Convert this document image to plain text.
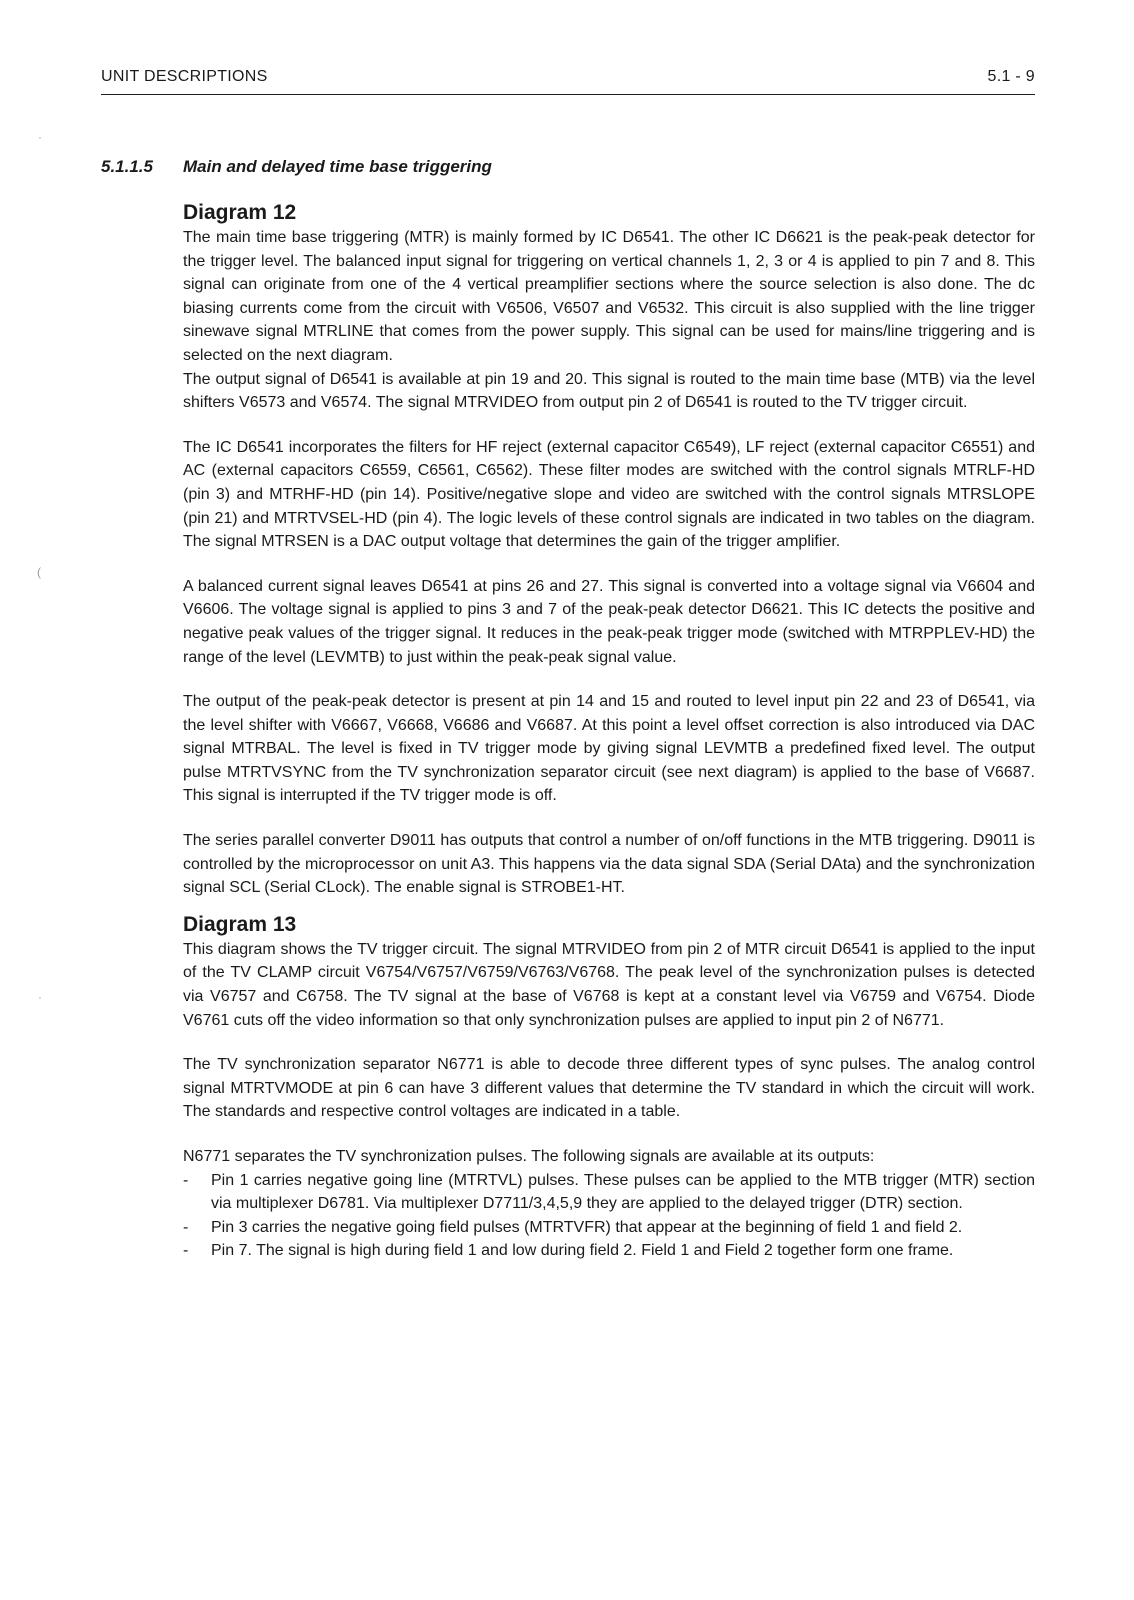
UNIT DESCRIPTIONS	5.1 - 9
·
(
·
5.1.1.5 Main and delayed time base triggering
Diagram 12

The main time base triggering (MTR) is mainly formed by IC D6541. The other IC D6621 is the peak-peak detector for the trigger level. The balanced input signal for triggering on vertical channels 1, 2, 3 or 4 is applied to pin 7 and 8. This signal can originate from one of the 4 vertical preamplifier sections where the source selection is also done. The dc biasing currents come from the circuit with V6506, V6507 and V6532. This circuit is also supplied with the line trigger sinewave signal MTRLINE that comes from the power supply. This signal can be used for mains/line triggering and is selected on the next diagram.

The output signal of D6541 is available at pin 19 and 20. This signal is routed to the main time base (MTB) via the level shifters V6573 and V6574. The signal MTRVIDEO from output pin 2 of D6541 is routed to the TV trigger circuit.

The IC D6541 incorporates the filters for HF reject (external capacitor C6549), LF reject (external capacitor C6551) and AC (external capacitors C6559, C6561, C6562). These filter modes are switched with the control signals MTRLF-HD (pin 3) and MTRHF-HD (pin 14). Positive/negative slope and video are switched with the control signals MTRSLOPE (pin 21) and MTRTVSEL-HD (pin 4). The logic levels of these control signals are indicated in two tables on the diagram. The signal MTRSEN is a DAC output voltage that determines the gain of the trigger amplifier.

A balanced current signal leaves D6541 at pins 26 and 27. This signal is converted into a voltage signal via V6604 and V6606. The voltage signal is applied to pins 3 and 7 of the peak-peak detector D6621. This IC detects the positive and negative peak values of the trigger signal. It reduces in the peak-peak trigger mode (switched with MTRPPLEV-HD) the range of the level (LEVMTB) to just within the peak-peak signal value.

The output of the peak-peak detector is present at pin 14 and 15 and routed to level input pin 22 and 23 of D6541, via the level shifter with V6667, V6668, V6686 and V6687. At this point a level offset correction is also introduced via DAC signal MTRBAL. The level is fixed in TV trigger mode by giving signal LEVMTB a predefined fixed level. The output pulse MTRTVSYNC from the TV synchronization separator circuit (see next diagram) is applied to the base of V6687. This signal is interrupted if the TV trigger mode is off.

The series parallel converter D9011 has outputs that control a number of on/off functions in the MTB triggering. D9011 is controlled by the microprocessor on unit A3. This happens via the data signal SDA (Serial DAta) and the synchronization signal SCL (Serial CLock). The enable signal is STROBE1-HT.

Diagram 13

This diagram shows the TV trigger circuit. The signal MTRVIDEO from pin 2 of MTR circuit D6541 is applied to the input of the TV CLAMP circuit V6754/V6757/V6759/V6763/V6768. The peak level of the synchronization pulses is detected via V6757 and C6758. The TV signal at the base of V6768 is kept at a constant level via V6759 and V6754. Diode V6761 cuts off the video information so that only synchronization pulses are applied to input pin 2 of N6771.

The TV synchronization separator N6771 is able to decode three different types of sync pulses. The analog control signal MTRTVMODE at pin 6 can have 3 different values that determine the TV standard in which the circuit will work. The standards and respective control voltages are indicated in a table.

N6771 separates the TV synchronization pulses. The following signals are available at its outputs:

- Pin 1 carries negative going line (MTRTVL) pulses. These pulses can be applied to the MTB trigger (MTR) section via multiplexer D6781. Via multiplexer D7711/3,4,5,9 they are applied to the delayed trigger (DTR) section.
- Pin 3 carries the negative going field pulses (MTRTVFR) that appear at the beginning of field 1 and field 2.
- Pin 7. The signal is high during field 1 and low during field 2. Field 1 and Field 2 together form one frame.
